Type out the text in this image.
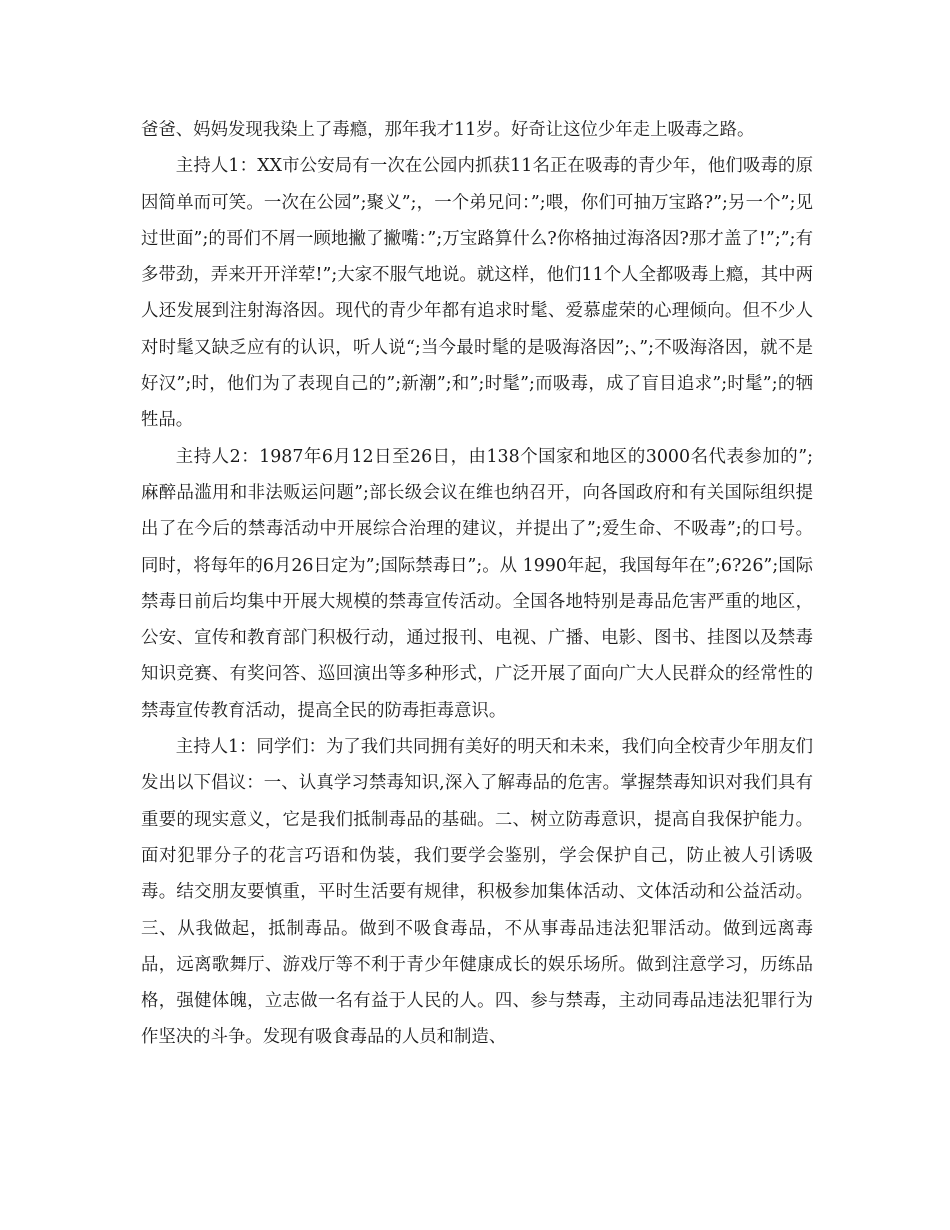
爸爸、妈妈发现我染上了毒瘾，那年我才11岁。好奇让这位少年走上吸毒之路。

主持人1：XX市公安局有一次在公园内抓获11名正在吸毒的青少年，他们吸毒的原因简单而可笑。一次在公园”;聚义”;，一个弟兄问：”;喂，你们可抽万宝路?”;另一个”;见过世面”;的哥们不屑一顾地撇了撇嘴：”;万宝路算什么?你格抽过海洛因?那才盖了!”;”;有多带劲，弄来开开洋荤!”;大家不服气地说。就这样，他们11个人全都吸毒上瘾，其中两人还发展到注射海洛因。现代的青少年都有追求时髦、爱慕虚荣的心理倾向。但不少人对时髦又缺乏应有的认识，听人说“;当今最时髦的是吸海洛因”;、”;不吸海洛因，就不是好汉”;时，他们为了表现自己的”;新潮”;和”;时髦”;而吸毒，成了盲目追求”;时髦”;的牺牲品。

主持人2：1987年6月12日至26日，由138个国家和地区的3000名代表参加的”;麻醉品滥用和非法贩运问题”;部长级会议在维也纳召开，向各国政府和有关国际组织提出了在今后的禁毒活动中开展综合治理的建议，并提出了”;爱生命、不吸毒”;的口号。同时，将每年的6月26日定为”;国际禁毒日”;。从 1990年起，我国每年在”;6?26”;国际禁毒日前后均集中开展大规模的禁毒宣传活动。全国各地特别是毒品危害严重的地区，公安、宣传和教育部门积极行动，通过报刊、电视、广播、电影、图书、挂图以及禁毒知识竞赛、有奖问答、巡回演出等多种形式，广泛开展了面向广大人民群众的经常性的禁毒宣传教育活动，提高全民的防毒拒毒意识。

主持人1：同学们：为了我们共同拥有美好的明天和未来，我们向全校青少年朋友们发出以下倡议：一、认真学习禁毒知识,深入了解毒品的危害。掌握禁毒知识对我们具有重要的现实意义，它是我们抵制毒品的基础。二、树立防毒意识，提高自我保护能力。面对犯罪分子的花言巧语和伪装，我们要学会鉴别，学会保护自己，防止被人引诱吸毒。结交朋友要慎重，平时生活要有规律，积极参加集体活动、文体活动和公益活动。三、从我做起，抵制毒品。做到不吸食毒品，不从事毒品违法犯罪活动。做到远离毒品，远离歌舞厅、游戏厅等不利于青少年健康成长的娱乐场所。做到注意学习，历练品格，强健体魄，立志做一名有益于人民的人。四、参与禁毒，主动同毒品违法犯罪行为作坚决的斗争。发现有吸食毒品的人员和制造、
